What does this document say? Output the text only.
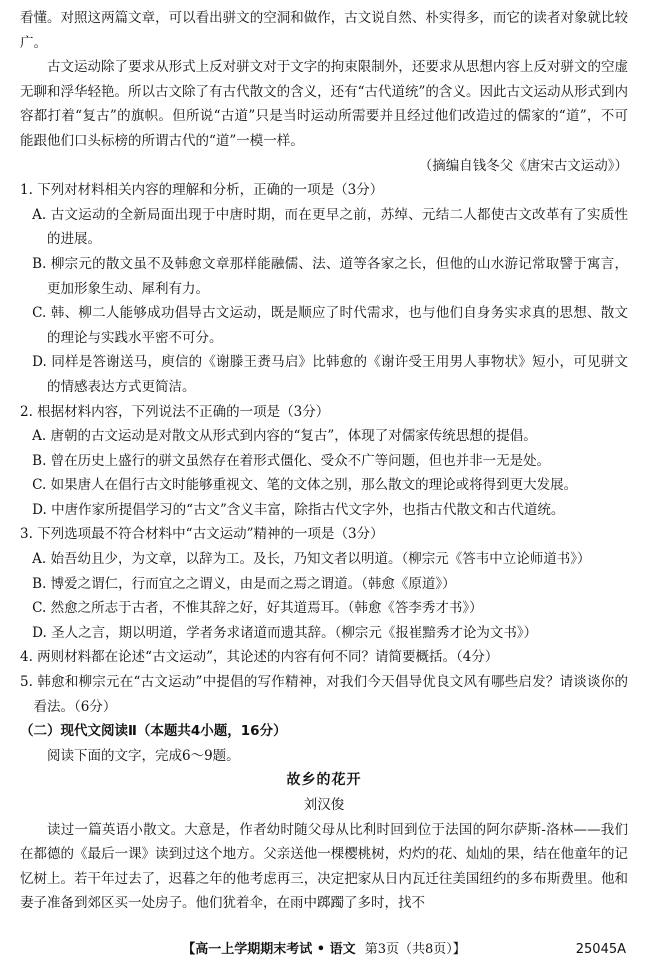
看懂。对照这两篇文章，可以看出骈文的空洞和做作，古文说自然、朴实得多，而它的读者对象就比较广。

古文运动除了要求从形式上反对骈文对于文字的拘束限制外，还要求从思想内容上反对骈文的空虚无聊和浮华轻艳。所以古文除了有古代散文的含义，还有“古代道统”的含义。因此古文运动从形式到内容都打着“复古”的旗帜。但所说“古道”只是当时运动所需要并且经过他们改造过的儒家的“道”，不可能跟他们口头标榜的所谓古代的“道”一模一样。

（摘编自钱冬父《唐宋古文运动》）

1. 下列对材料相关内容的理解和分析，正确的一项是（3分）

A. 古文运动的全新局面出现于中唐时期，而在更早之前，苏绰、元结二人都使古文改革有了实质性的进展。

B. 柳宗元的散文虽不及韩愈文章那样能融儒、法、道等各家之长，但他的山水游记常取譬于寓言，更加形象生动、犀利有力。

C. 韩、柳二人能够成功倡导古文运动，既是顺应了时代需求，也与他们自身务实求真的思想、散文的理论与实践水平密不可分。

D. 同样是答谢送马，庾信的《谢滕王赉马启》比韩愈的《谢许受王用男人事物状》短小，可见骈文的情感表达方式更简洁。

2. 根据材料内容，下列说法不正确的一项是（3分）

A. 唐朝的古文运动是对散文从形式到内容的“复古”，体现了对儒家传统思想的提倡。

B. 曾在历史上盛行的骈文虽然存在着形式僵化、受众不广等问题，但也并非一无是处。

C. 如果唐人在倡行古文时能够重视文、笔的文体之别，那么散文的理论或将得到更大发展。

D. 中唐作家所提倡学习的“古文”含义丰富，除指古代文字外，也指古代散文和古代道统。

3. 下列选项最不符合材料中“古文运动”精神的一项是（3分）

A. 始吾幼且少，为文章，以辞为工。及长，乃知文者以明道。（柳宗元《答韦中立论师道书》）

B. 博爱之谓仁，行而宜之之谓义，由是而之焉之谓道。（韩愈《原道》）

C. 然愈之所志于古者，不惟其辞之好，好其道焉耳。（韩愈《答李秀才书》）

D. 圣人之言，期以明道，学者务求诸道而遗其辞。（柳宗元《报崔黯秀才论为文书》）

4. 两则材料都在论述“古文运动”，其论述的内容有何不同？请简要概括。（4分）

5. 韩愈和柳宗元在“古文运动”中提倡的写作精神，对我们今天倡导优良文风有哪些启发？请谈谈你的看法。（6分）

（二）现代文阅读Ⅱ（本题共4小题，16分）

阅读下面的文字，完成6～9题。

故乡的花开

刘汉俊

读过一篇英语小散文。大意是，作者幼时随父母从比利时回到位于法国的阿尔萨斯-洛林——我们在都德的《最后一课》读到过这个地方。父亲送他一棵樱桃树，灼灼的花、灿灿的果，结在他童年的记忆树上。若干年过去了，迟暮之年的他考虑再三，决定把家从日内瓦迁往美国纽约的多布斯费里。他和妻子准备到郊区买一处房子。他们犹着伞，在雨中踯躅了多时，找不

【高一上学期期末考试 • 语文 第3页（共8页）】	25045A
